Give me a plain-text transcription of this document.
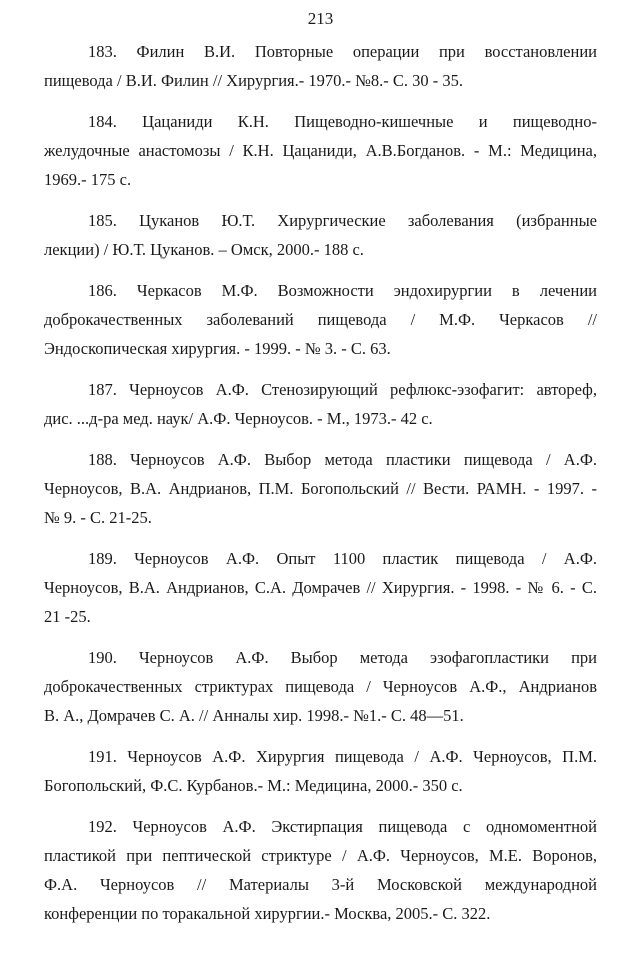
213
183. Филин В.И. Повторные операции при восстановлении
пищевода / В.И. Филин // Хирургия.- 1970.- №8.- С. 30 - 35.
184. Цацаниди К.Н. Пищеводно-кишечные и пищеводно-
желудочные анастомозы / К.Н. Цацаниди, А.В.Богданов. - М.: Медицина,
1969.- 175 с.
185. Цуканов Ю.Т. Хирургические заболевания (избранные
лекции) / Ю.Т. Цуканов. – Омск, 2000.- 188 с.
186. Черкасов М.Ф. Возможности эндохирургии в лечении
доброкачественных заболеваний пищевода / М.Ф. Черкасов //
Эндоскопическая хирургия. - 1999. - № 3. - С. 63.
187. Черноусов А.Ф. Стенозирующий рефлюкс-эзофагит: автореф,
дис. ...д-ра мед. наук/ А.Ф. Черноусов. - М., 1973.- 42 с.
188. Черноусов А.Ф. Выбор метода пластики пищевода / А.Ф.
Черноусов, В.А. Андрианов, П.М. Богопольский // Вести. РАМН. - 1997. -
№ 9. - С. 21-25.
189. Черноусов А.Ф. Опыт 1100 пластик пищевода / А.Ф.
Черноусов, В.А. Андрианов, С.А. Домрачев // Хирургия. - 1998. - № 6. - С.
21 -25.
190. Черноусов А.Ф. Выбор метода эзофагопластики при
доброкачественных стриктурах пищевода / Черноусов А.Ф., Андрианов
В. А., Домрачев С. А. // Анналы хир. 1998.- №1.- С. 48—51.
191. Черноусов А.Ф. Хирургия пищевода / А.Ф. Черноусов, П.М.
Богопольский, Ф.С. Курбанов.- М.: Медицина, 2000.- 350 с.
192. Черноусов А.Ф. Экстирпация пищевода с одномоментной
пластикой при пептической стриктуре / А.Ф. Черноусов, М.Е. Воронов,
Ф.А. Черноусов // Материалы 3-й Московской международной
конференции по торакальной хирургии.- Москва, 2005.- С. 322.
